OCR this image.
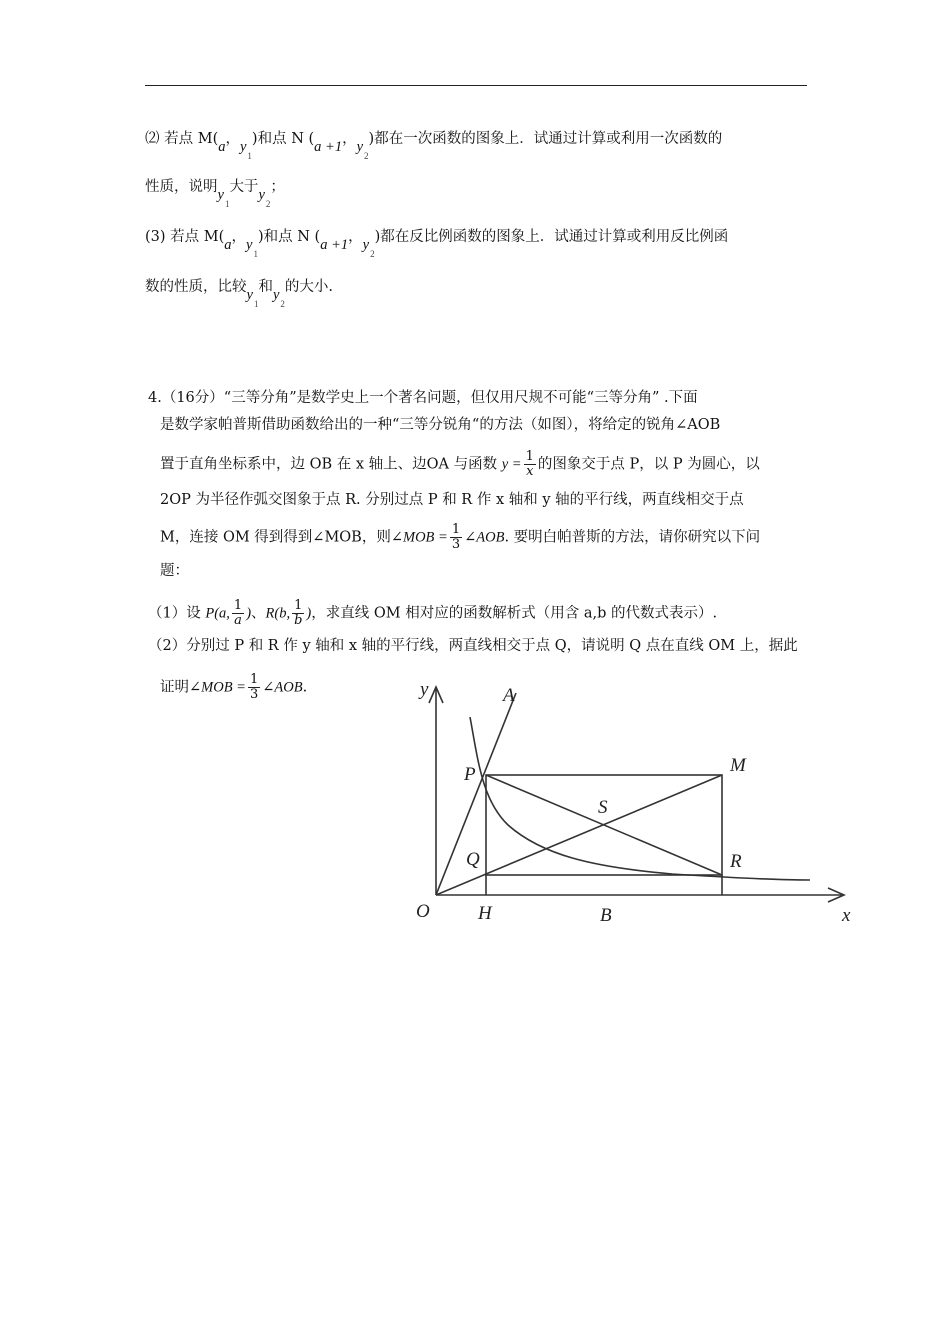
⑵ 若点 M(a，$y_1$)和点 N (a +1，$y_2$)都在一次函数的图象上．试通过计算或利用一次函数的
性质，说明$y_1$大于$y_2$；
(3) 若点 M(a，$y_1$)和点 N (a +1，$y_2$)都在反比例函数的图象上．试通过计算或利用反比例函
数的性质，比较$y_1$和$y_2$的大小.
4.（16分）“三等分角”是数学史上一个著名问题，但仅用尺规不可能“三等分角” .下面
是数学家帕普斯借助函数给出的一种“三等分锐角“的方法（如图），将给定的锐角∠AOB
置于直角坐标系中，边 OB 在 x 轴上、边OA 与函数 $y = \frac{1}{x}$ 的图象交于点 P，以 P 为圆心，以
2OP 为半径作弧交图象于点 R. 分别过点 P 和 R 作 x 轴和 y 轴的平行线，两直线相交于点
M，连接 OM 得到得到∠MOB，则∠MOB = $\frac{1}{3}$ ∠AOB. 要明白帕普斯的方法，请你研究以下问
题：
（1）设 P(a, $\frac{1}{a}$ )、R(b, $\frac{1}{b}$ )，求直线 OM 相对应的函数解析式（用含 a,b 的代数式表示）.
（2）分别过 P 和 R 作 y 轴和 x 轴的平行线，两直线相交于点 Q，请说明 Q 点在直线 OM 上，据此
证明∠MOB = $\frac{1}{3}$ ∠AOB.	y	A
P	M
S
Q	R
O	H	B	x
